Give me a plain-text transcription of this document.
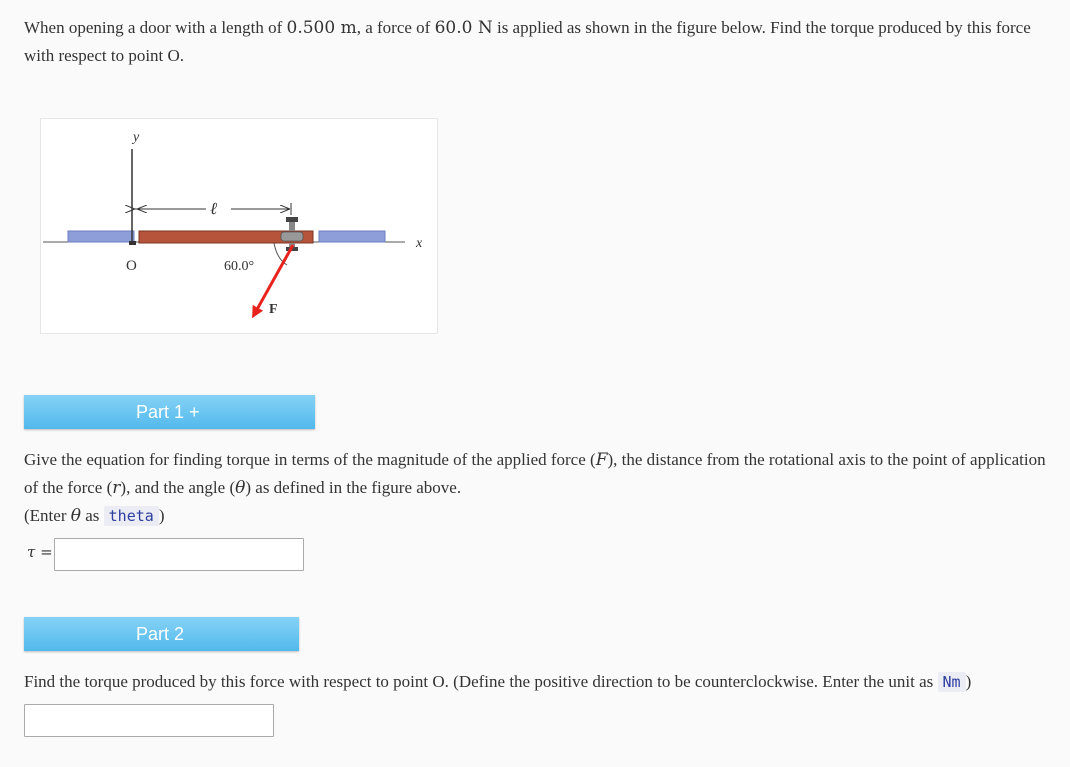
When opening a door with a length of 0.500 m, a force of 60.0 N is applied as shown in the figure below. Find the torque produced by this force with respect to point O.

y
x
O
ℓ
60.0°
F
Part 1 +

Give the equation for finding torque in terms of the magnitude of the applied force (F), the distance from the rotational axis to the point of application of the force (r), and the angle (θ) as defined in the figure above.
(Enter θ as theta )

τ =
Part 2

Find the torque produced by this force with respect to point O. (Define the positive direction to be counterclockwise. Enter the unit as Nm )
